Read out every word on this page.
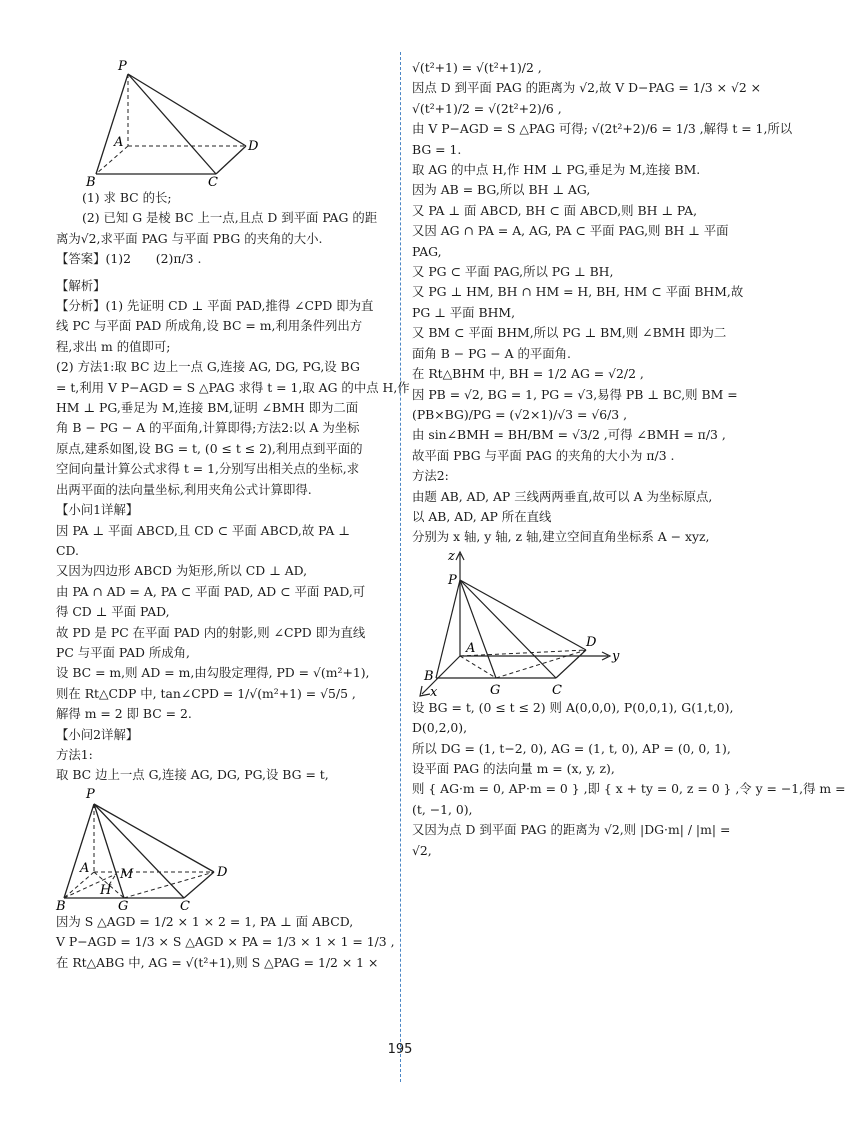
P
A
B	C
D
(1) 求 BC 的长;
(2) 已知 G 是棱 BC 上一点,且点 D 到平面 PAG 的距
离为√2,求平面 PAG 与平面 PBG 的夹角的大小.
【答案】(1)2　　(2)π/3 .
【解析】
【分析】(1) 先证明 CD ⊥ 平面 PAD,推得 ∠CPD 即为直
线 PC 与平面 PAD 所成角,设 BC = m,利用条件列出方
程,求出 m 的值即可;
(2) 方法1:取 BC 边上一点 G,连接 AG, DG, PG,设 BG
= t,利用 V P−AGD = S △PAG 求得 t = 1,取 AG 的中点 H,作
HM ⊥ PG,垂足为 M,连接 BM,证明 ∠BMH 即为二面
角 B − PG − A 的平面角,计算即得;方法2:以 A 为坐标
原点,建系如图,设 BG = t, (0 ≤ t ≤ 2),利用点到平面的
空间向量计算公式求得 t = 1,分别写出相关点的坐标,求
出两平面的法向量坐标,利用夹角公式计算即得.
【小问1详解】
因 PA ⊥ 平面 ABCD,且 CD ⊂ 平面 ABCD,故 PA ⊥
CD.
又因为四边形 ABCD 为矩形,所以 CD ⊥ AD,
由 PA ∩ AD = A, PA ⊂ 平面 PAD, AD ⊂ 平面 PAD,可
得 CD ⊥ 平面 PAD,
故 PD 是 PC 在平面 PAD 内的射影,则 ∠CPD 即为直线
PC 与平面 PAD 所成角,
设 BC = m,则 AD = m,由勾股定理得, PD = √(m²+1),
则在 Rt△CDP 中, tan∠CPD = 1/√(m²+1) = √5/5 ,
解得 m = 2 即 BC = 2.
【小问2详解】
方法1:
取 BC 边上一点 G,连接 AG, DG, PG,设 BG = t,
P
A M
H
B	G	C
D
因为 S △AGD = 1/2 × 1 × 2 = 1, PA ⊥ 面 ABCD,
V P−AGD = 1/3 × S △AGD × PA = 1/3 × 1 × 1 = 1/3 ,
在 Rt△ABG 中, AG = √(t²+1),则 S △PAG = 1/2 × 1 ×
√(t²+1) = √(t²+1)/2 ,
因点 D 到平面 PAG 的距离为 √2,故 V D−PAG = 1/3 × √2 ×
√(t²+1)/2 = √(2t²+2)/6 ,
由 V P−AGD = S △PAG 可得; √(2t²+2)/6 = 1/3 ,解得 t = 1,所以
BG = 1.
取 AG 的中点 H,作 HM ⊥ PG,垂足为 M,连接 BM.
因为 AB = BG,所以 BH ⊥ AG,
又 PA ⊥ 面 ABCD, BH ⊂ 面 ABCD,则 BH ⊥ PA,
又因 AG ∩ PA = A, AG, PA ⊂ 平面 PAG,则 BH ⊥ 平面
PAG,
又 PG ⊂ 平面 PAG,所以 PG ⊥ BH,
又 PG ⊥ HM, BH ∩ HM = H, BH, HM ⊂ 平面 BHM,故
PG ⊥ 平面 BHM,
又 BM ⊂ 平面 BHM,所以 PG ⊥ BM,则 ∠BMH 即为二
面角 B − PG − A 的平面角.
在 Rt△BHM 中, BH = 1/2 AG = √2/2 ,
因 PB = √2, BG = 1, PG = √3,易得 PB ⊥ BC,则 BM =
(PB×BG)/PG = (√2×1)/√3 = √6/3 ,
由 sin∠BMH = BH/BM = √3/2 ,可得 ∠BMH = π/3 ,
故平面 PBG 与平面 PAG 的夹角的大小为 π/3 .
方法2:
由题 AB, AD, AP 三线两两垂直,故可以 A 为坐标原点,
以 AB, AD, AP 所在直线
分别为 x 轴, y 轴, z 轴,建立空间直角坐标系 A − xyz,
z
P
A
B
x	G	C
D
y
设 BG = t, (0 ≤ t ≤ 2) 则 A(0,0,0), P(0,0,1), G(1,t,0),
D(0,2,0),
所以 DG = (1, t−2, 0), AG = (1, t, 0), AP = (0, 0, 1),
设平面 PAG 的法向量 m = (x, y, z),
则 { AG·m = 0, AP·m = 0 } ,即 { x + ty = 0, z = 0 } ,令 y = −1,得 m =
(t, −1, 0),
又因为点 D 到平面 PAG 的距离为 √2,则 |DG·m| / |m| =
√2,
195
